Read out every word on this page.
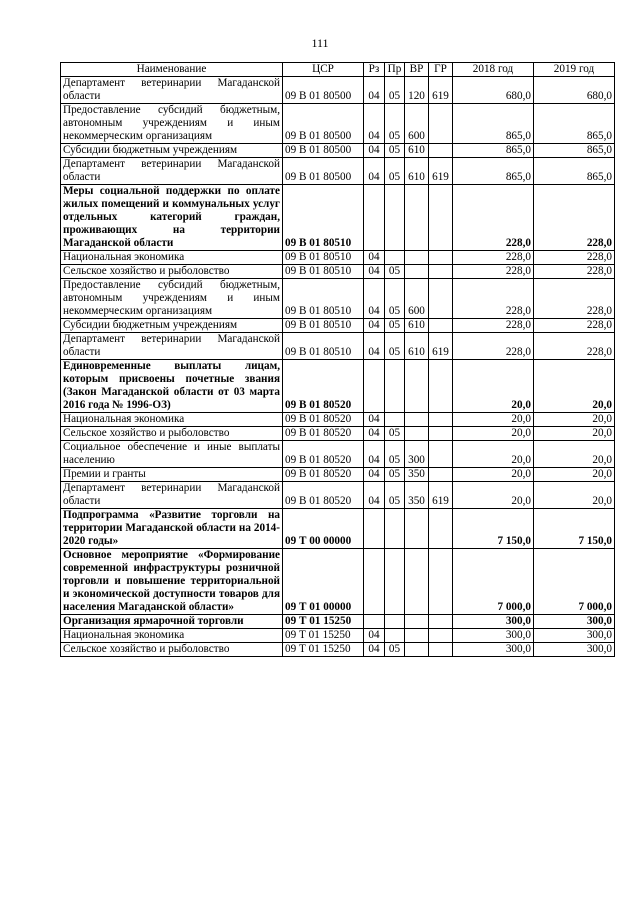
111
Наименование	ЦСР	Рз	Пр	ВР	ГР	2018 год	2019 год
Департамент ветеринарии Магаданской области	09 В 01 80500	04	05	120	619	680,0	680,0
Предоставление субсидий бюджетным, автономным учреждениям и иным некоммерческим организациям	09 В 01 80500	04	05	600		865,0	865,0
Субсидии бюджетным учреждениям	09 В 01 80500	04	05	610		865,0	865,0
Департамент ветеринарии Магаданской области	09 В 01 80500	04	05	610	619	865,0	865,0
Меры социальной поддержки по оплате жилых помещений и коммунальных услуг отдельных категорий граждан, проживающих на территории Магаданской области	09 В 01 80510					228,0	228,0
Национальная экономика	09 В 01 80510	04				228,0	228,0
Сельское хозяйство и рыболовство	09 В 01 80510	04	05			228,0	228,0
Предоставление субсидий бюджетным, автономным учреждениям и иным некоммерческим организациям	09 В 01 80510	04	05	600		228,0	228,0
Субсидии бюджетным учреждениям	09 В 01 80510	04	05	610		228,0	228,0
Департамент ветеринарии Магаданской области	09 В 01 80510	04	05	610	619	228,0	228,0
Единовременные выплаты лицам, которым присвоены почетные звания (Закон Магаданской области от 03 марта 2016 года № 1996-ОЗ)	09 В 01 80520					20,0	20,0
Национальная экономика	09 В 01 80520	04				20,0	20,0
Сельское хозяйство и рыболовство	09 В 01 80520	04	05			20,0	20,0
Социальное обеспечение и иные выплаты населению	09 В 01 80520	04	05	300		20,0	20,0
Премии и гранты	09 В 01 80520	04	05	350		20,0	20,0
Департамент ветеринарии Магаданской области	09 В 01 80520	04	05	350	619	20,0	20,0
Подпрограмма «Развитие торговли на территории Магаданской области на 2014-2020 годы»	09 Т 00 00000					7 150,0	7 150,0
Основное мероприятие «Формирование современной инфраструктуры розничной торговли и повышение территориальной и экономической доступности товаров для населения Магаданской области»	09 Т 01 00000					7 000,0	7 000,0
Организация ярмарочной торговли	09 Т 01 15250					300,0	300,0
Национальная экономика	09 Т 01 15250	04				300,0	300,0
Сельское хозяйство и рыболовство	09 Т 01 15250	04	05			300,0	300,0
